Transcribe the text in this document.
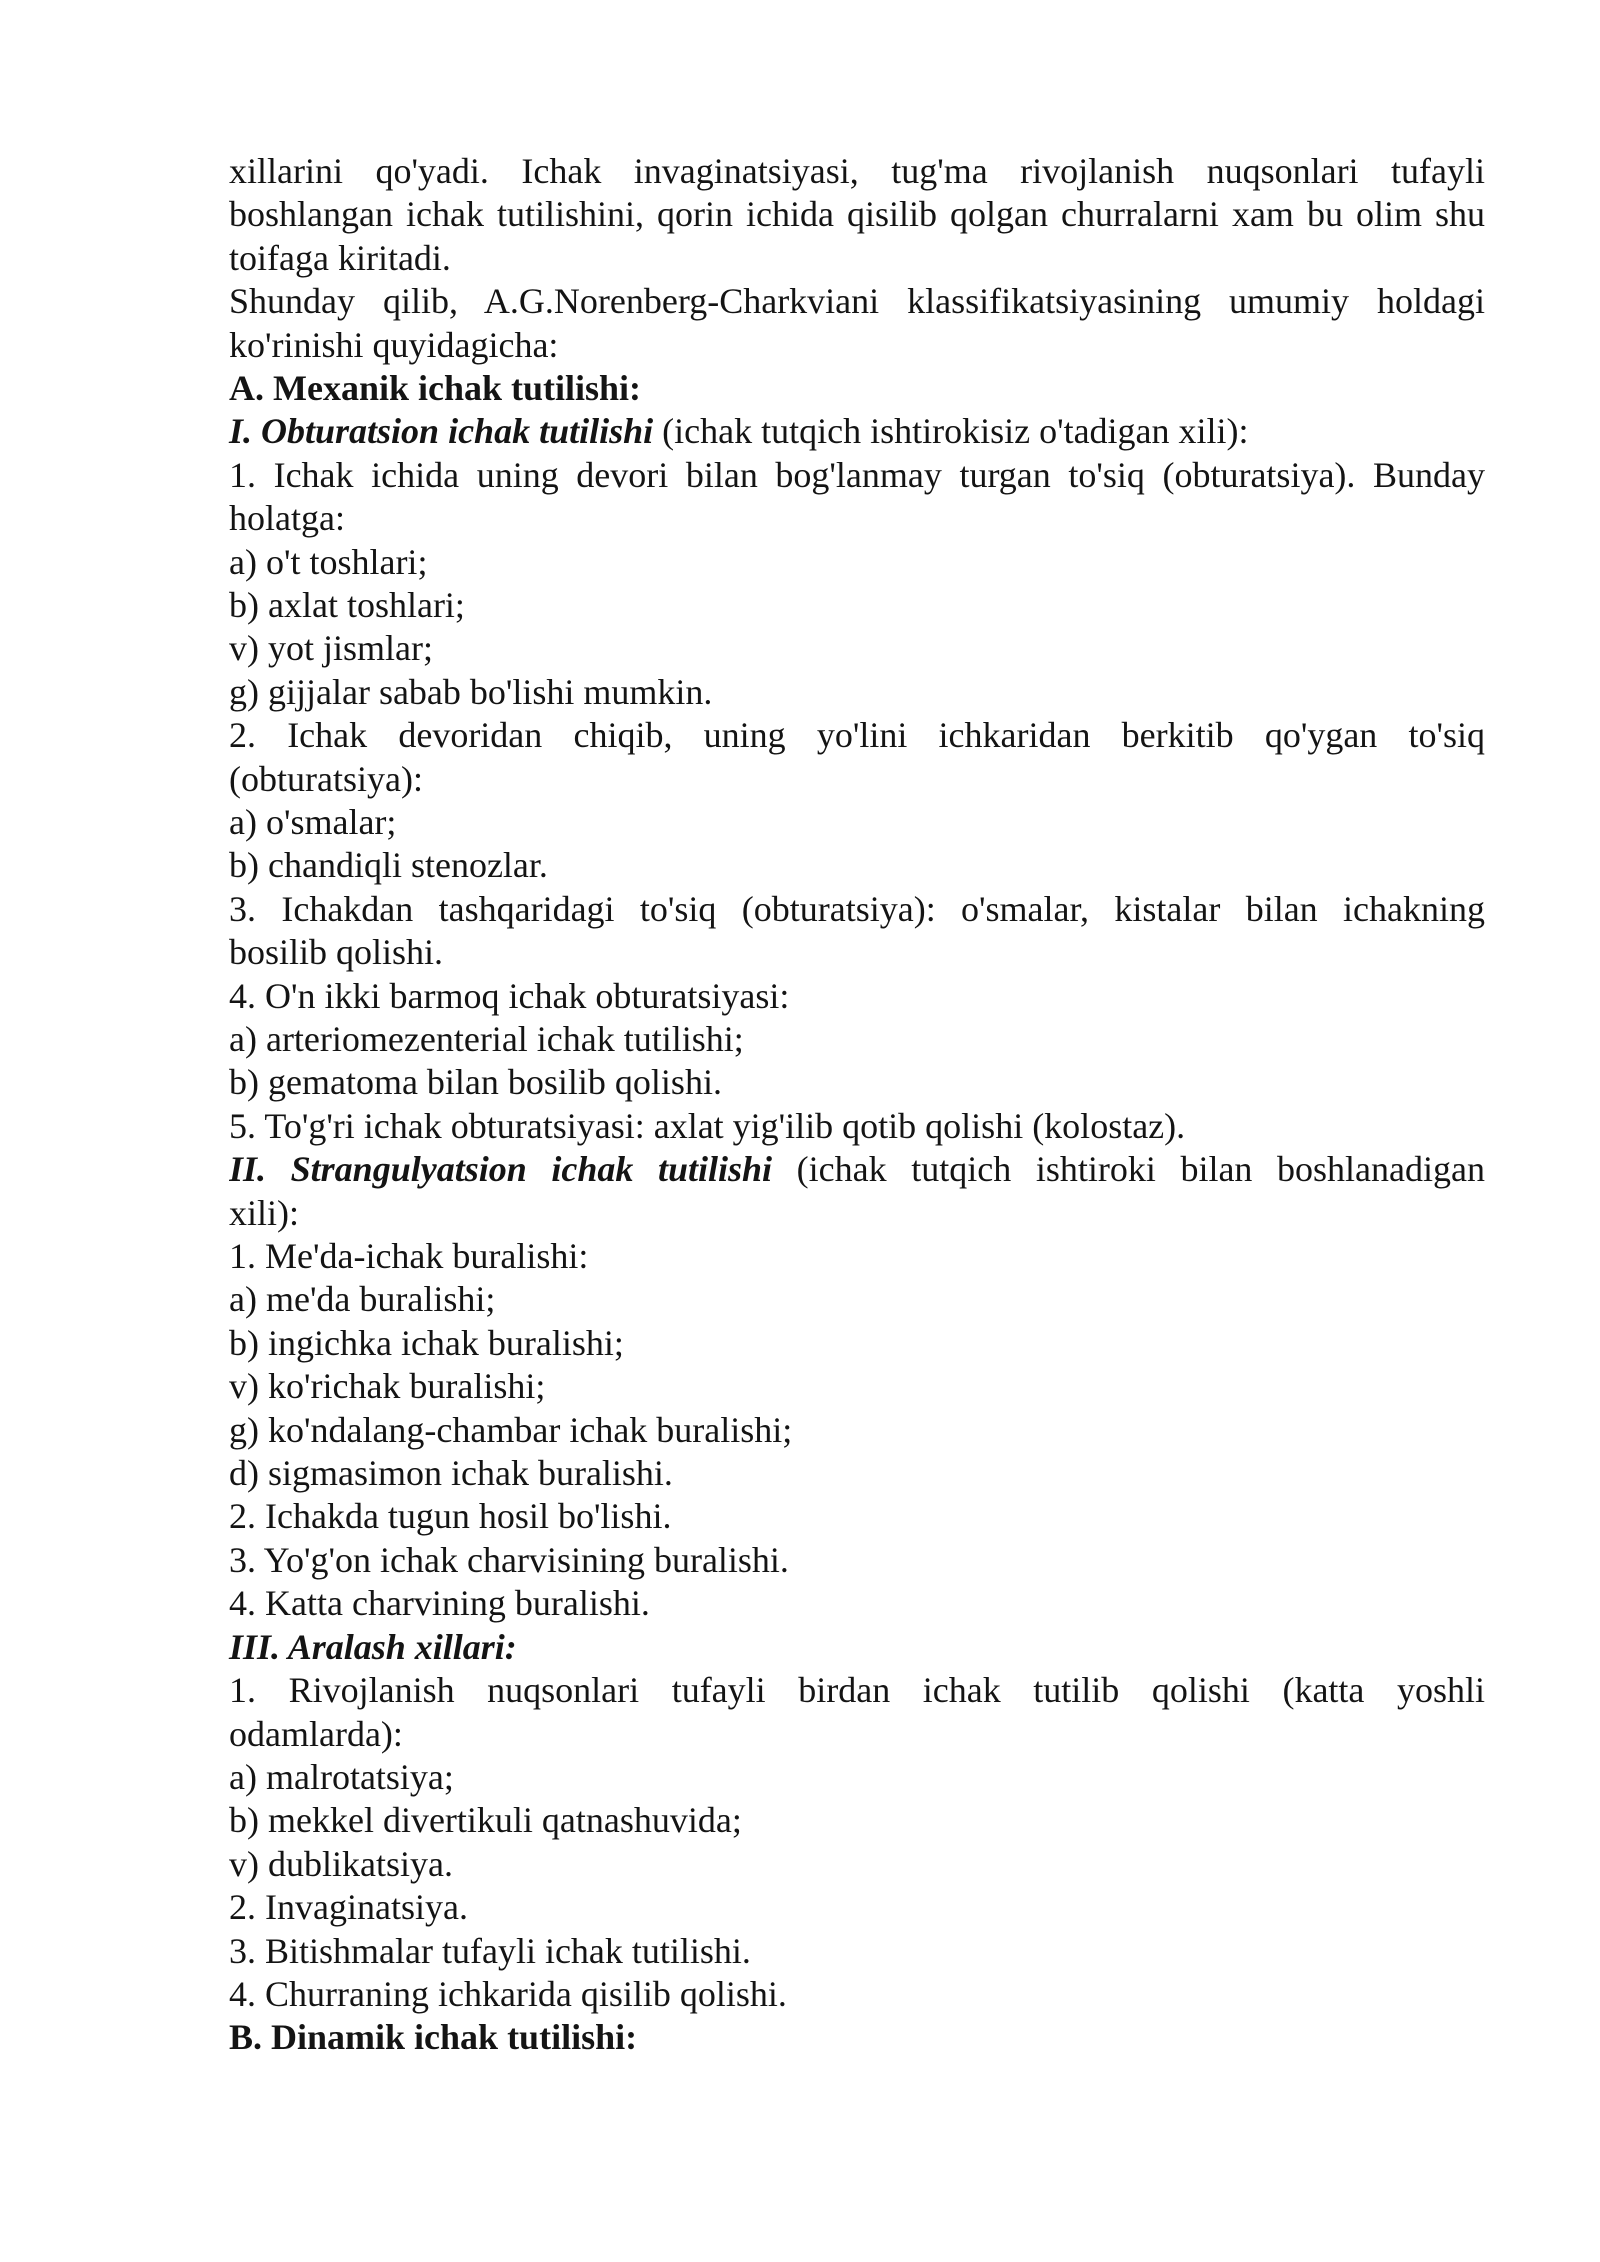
xillarini qo'yadi. Ichak invaginatsiyasi, tug'ma rivojlanish nuqsonlari tufayli
boshlangan ichak tutilishini, qorin ichida qisilib qolgan churralarni xam bu olim shu
toifaga kiritadi.
Shunday qilib, A.G.Norenberg-Charkviani klassifikatsiyasining umumiy holdagi
ko'rinishi quyidagicha:
A. Mexanik ichak tutilishi:
I. Obturatsion ichak tutilishi (ichak tutqich ishtirokisiz o'tadigan xili):
1. Ichak ichida uning devori bilan bog'lanmay turgan to'siq (obturatsiya). Bunday
holatga:
a) o't toshlari;
b) axlat toshlari;
v) yot jismlar;
g) gijjalar sabab bo'lishi mumkin.
2. Ichak devoridan chiqib, uning yo'lini ichkaridan berkitib qo'ygan to'siq
(obturatsiya):
a) o'smalar;
b) chandiqli stenozlar.
3. Ichakdan tashqaridagi to'siq (obturatsiya): o'smalar, kistalar bilan ichakning
bosilib qolishi.
4. O'n ikki barmoq ichak obturatsiyasi:
a) arteriomezenterial ichak tutilishi;
b) gematoma bilan bosilib qolishi.
5. To'g'ri ichak obturatsiyasi: axlat yig'ilib qotib qolishi (kolostaz).
II. Strangulyatsion ichak tutilishi (ichak tutqich ishtiroki bilan boshlanadigan
xili):
1. Me'da-ichak buralishi:
a) me'da buralishi;
b) ingichka ichak buralishi;
v) ko'richak buralishi;
g) ko'ndalang-chambar ichak buralishi;
d) sigmasimon ichak buralishi.
2. Ichakda tugun hosil bo'lishi.
3. Yo'g'on ichak charvisining buralishi.
4. Katta charvining buralishi.
III. Aralash xillari:
1. Rivojlanish nuqsonlari tufayli birdan ichak tutilib qolishi (katta yoshli
odamlarda):
a) malrotatsiya;
b) mekkel divertikuli qatnashuvida;
v) dublikatsiya.
2. Invaginatsiya.
3. Bitishmalar tufayli ichak tutilishi.
4. Churraning ichkarida qisilib qolishi.
B. Dinamik ichak tutilishi:
